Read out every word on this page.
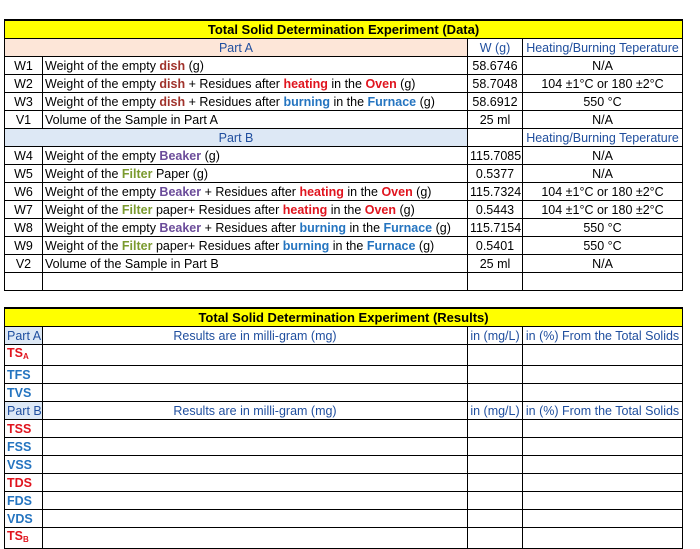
Total Solid Determination Experiment (Data)			
Part A		W (g)	Heating/Burning Teperature
W1	Weight of the empty dish (g)	58.6746	N/A
W2	Weight of the empty dish + Residues after heating in the Oven (g)	58.7048	104 ±1°C or 180 ±2°C
W3	Weight of the empty dish + Residues after burning in the Furnace (g)	58.6912	550 °C
V1	Volume of the Sample in Part A	25 ml	N/A
Part B			Heating/Burning Teperature
W4	Weight of the empty Beaker (g)	115.7085	N/A
W5	Weight of the Filter Paper (g)	0.5377	N/A
W6	Weight of the empty Beaker + Residues after heating in the Oven (g)	115.7324	104 ±1°C or 180 ±2°C
W7	Weight of the Filter paper+ Residues after heating in the Oven (g)	0.5443	104 ±1°C or 180 ±2°C
W8	Weight of the empty Beaker + Residues after burning in the Furnace (g)	115.7154	550 °C
W9	Weight of the Filter paper+ Residues after burning in the Furnace (g)	0.5401	550 °C
V2	Volume of the Sample in Part B	25 ml	N/A

Total Solid Determination Experiment (Results)			
Part A	Results are in milli-gram (mg)	in (mg/L)	in (%) From the Total Solids
$TS_A$			
TFS			
TVS			
Part B	Results are in milli-gram (mg)	in (mg/L)	in (%) From the Total Solids
TSS			
FSS			
VSS			
TDS			
FDS			
VDS			
$TS_B$			
